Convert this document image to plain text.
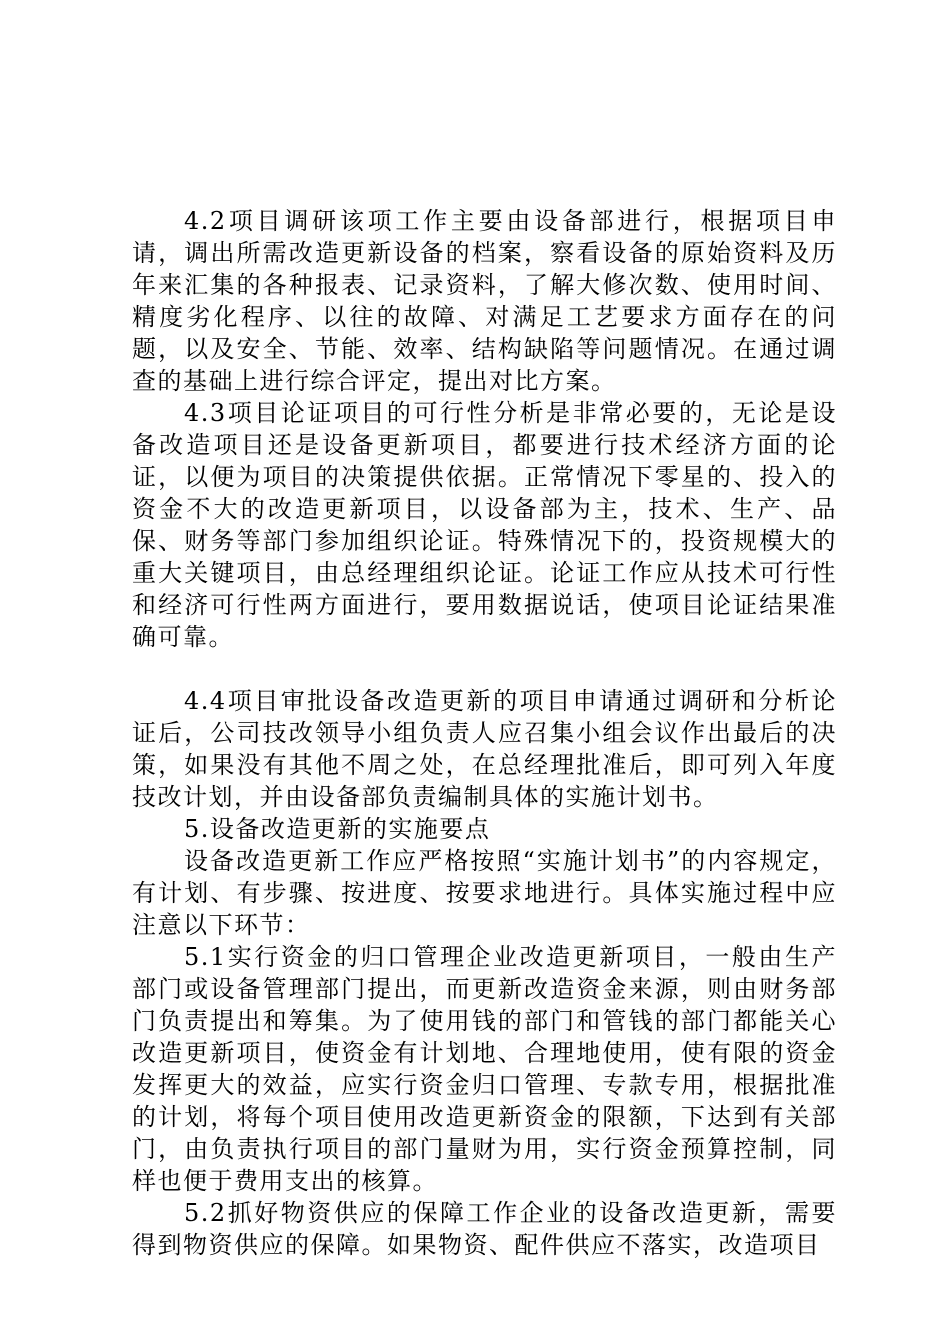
4.2项目调研该项工作主要由设备部进行，根据项目申请，调出所需改造更新设备的档案，察看设备的原始资料及历年来汇集的各种报表、记录资料，了解大修次数、使用时间、精度劣化程序、以往的故障、对满足工艺要求方面存在的问题，以及安全、节能、效率、结构缺陷等问题情况。在通过调查的基础上进行综合评定，提出对比方案。

4.3项目论证项目的可行性分析是非常必要的，无论是设备改造项目还是设备更新项目，都要进行技术经济方面的论证，以便为项目的决策提供依据。正常情况下零星的、投入的资金不大的改造更新项目，以设备部为主，技术、生产、品保、财务等部门参加组织论证。特殊情况下的，投资规模大的重大关键项目，由总经理组织论证。论证工作应从技术可行性和经济可行性两方面进行，要用数据说话，使项目论证结果准确可靠。

4.4项目审批设备改造更新的项目申请通过调研和分析论证后，公司技改领导小组负责人应召集小组会议作出最后的决策，如果没有其他不周之处，在总经理批准后，即可列入年度技改计划，并由设备部负责编制具体的实施计划书。

5.设备改造更新的实施要点

设备改造更新工作应严格按照“实施计划书”的内容规定，有计划、有步骤、按进度、按要求地进行。具体实施过程中应注意以下环节：

5.1实行资金的归口管理企业改造更新项目，一般由生产部门或设备管理部门提出，而更新改造资金来源，则由财务部门负责提出和筹集。为了使用钱的部门和管钱的部门都能关心改造更新项目，使资金有计划地、合理地使用，使有限的资金发挥更大的效益，应实行资金归口管理、专款专用，根据批准的计划，将每个项目使用改造更新资金的限额，下达到有关部门，由负责执行项目的部门量财为用，实行资金预算控制，同样也便于费用支出的核算。

5.2抓好物资供应的保障工作企业的设备改造更新，需要得到物资供应的保障。如果物资、配件供应不落实，改造项目
